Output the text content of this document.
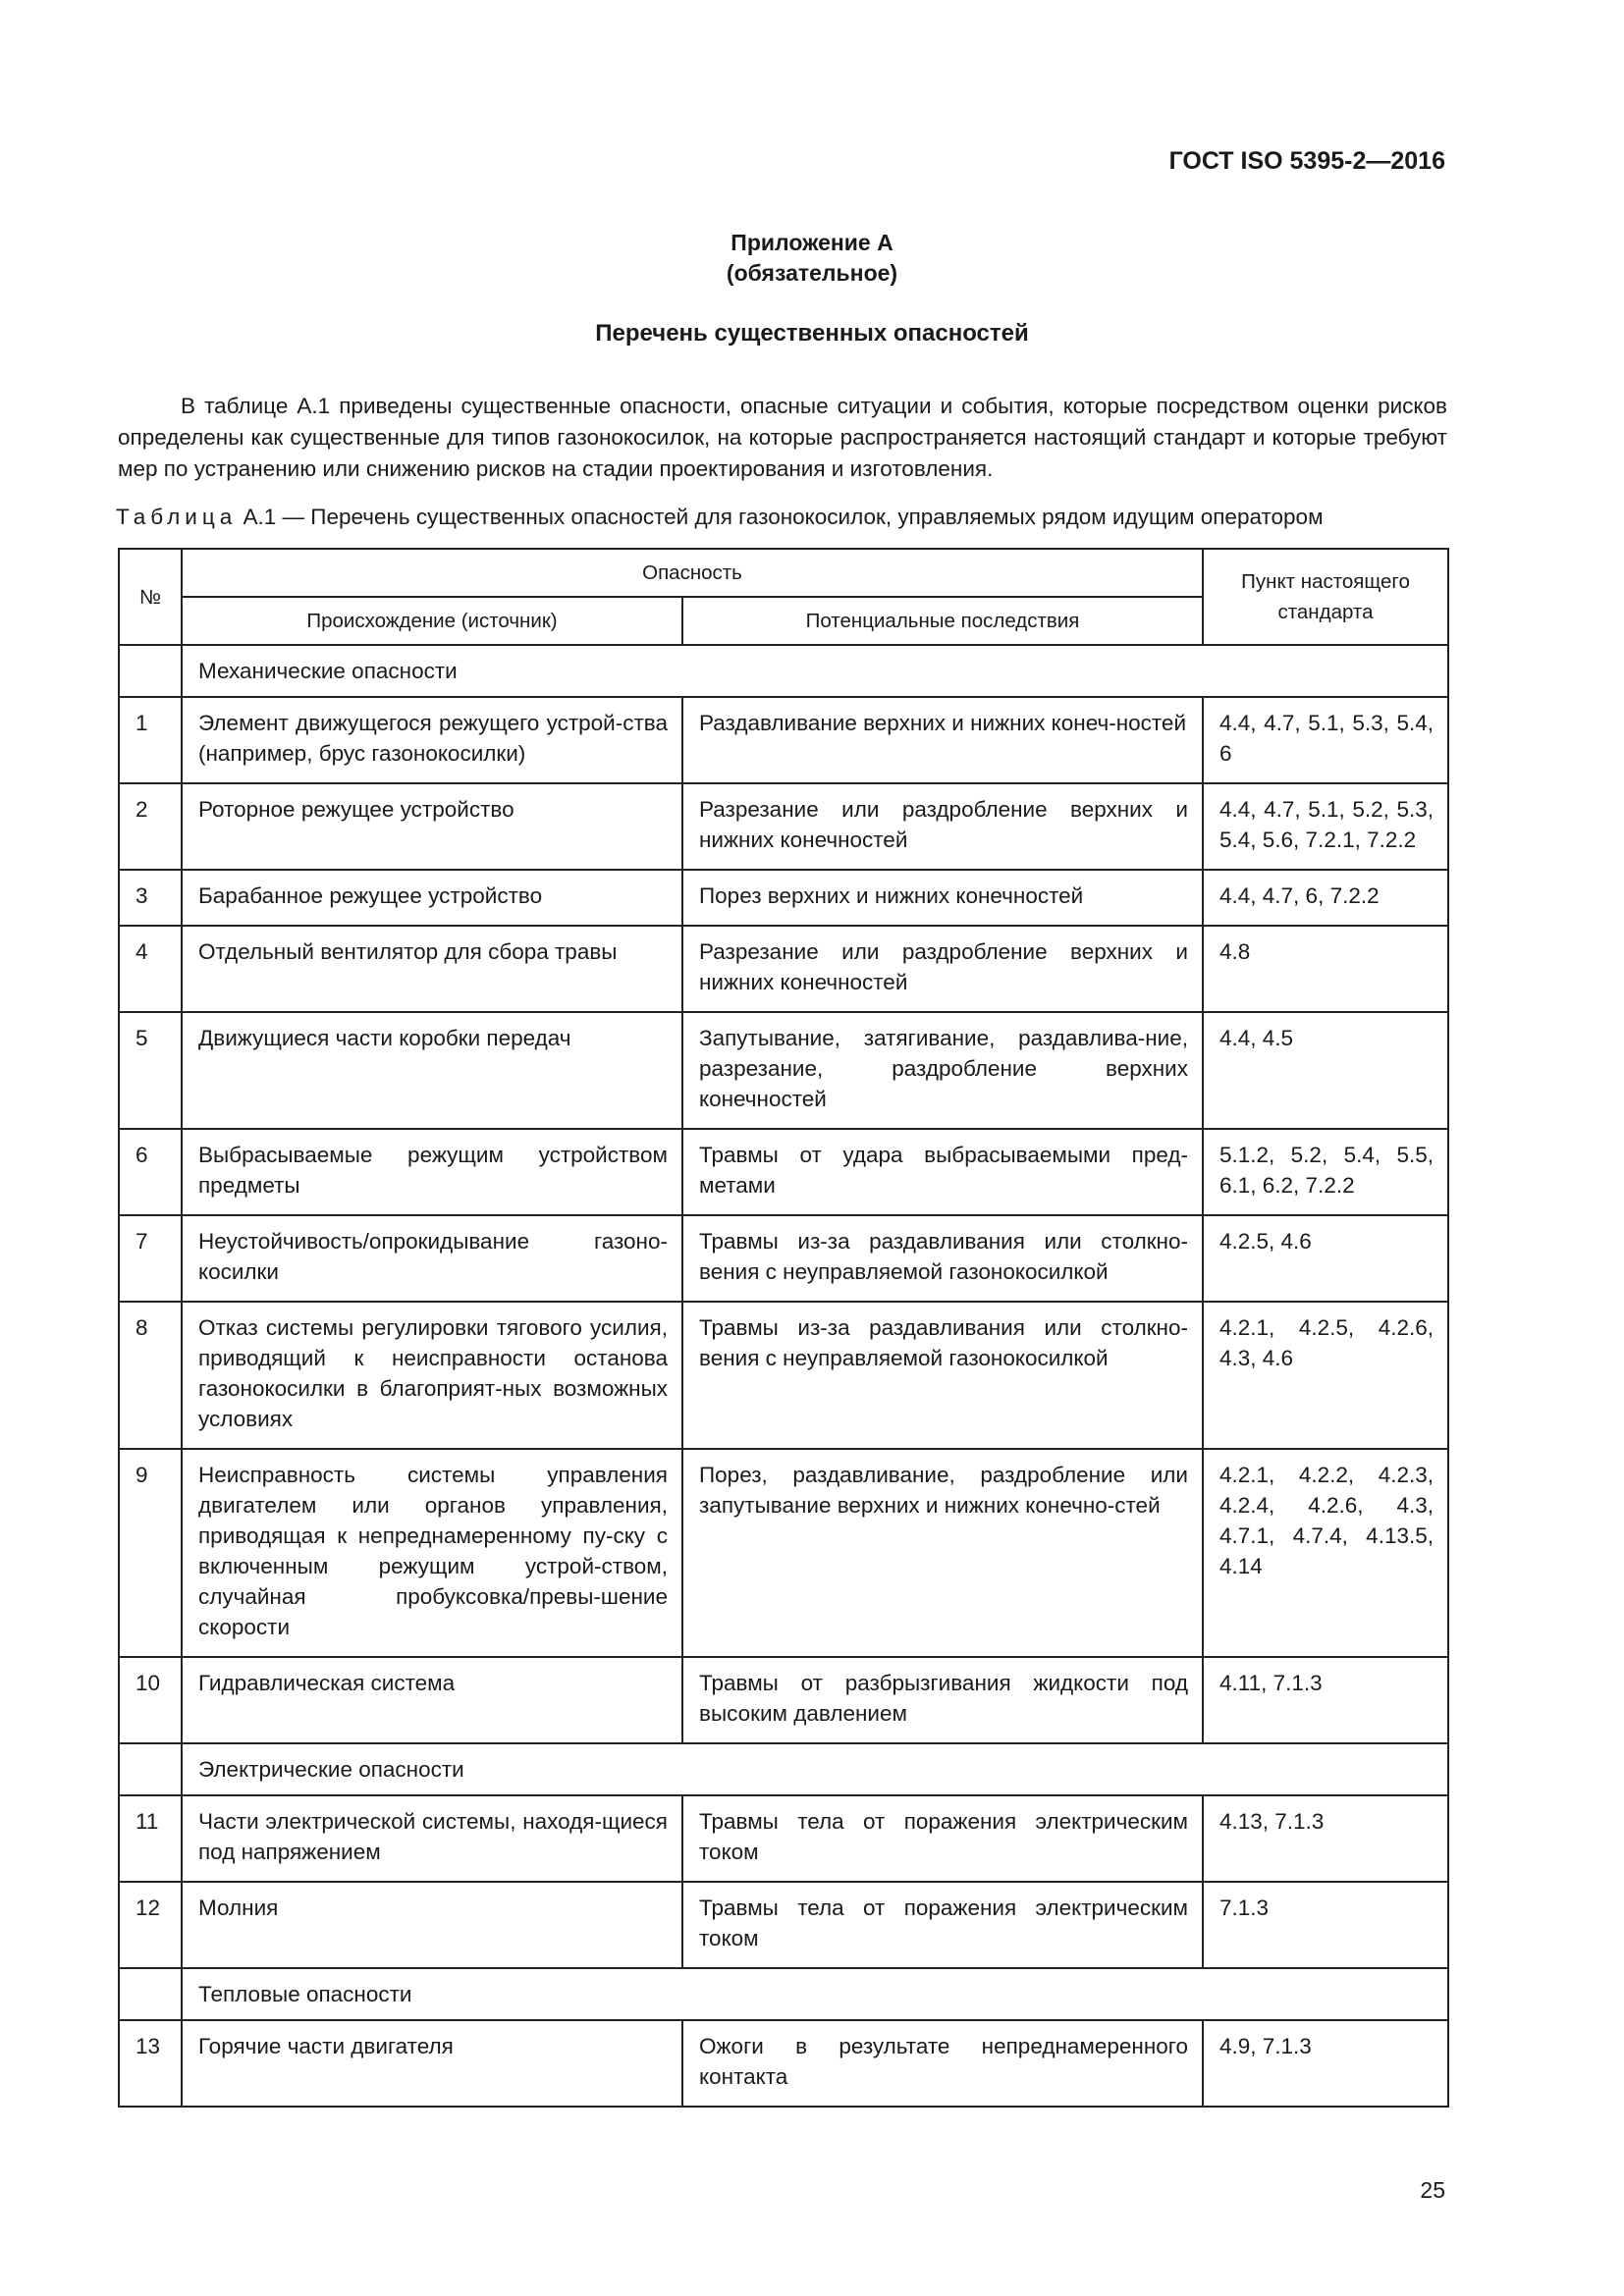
ГОСТ ISO 5395-2—2016
Приложение А
(обязательное)
Перечень существенных опасностей

В таблице А.1 приведены существенные опасности, опасные ситуации и события, которые посредством оценки рисков определены как существенные для типов газонокосилок, на которые распространяется настоящий стандарт и которые требуют мер по устранению или снижению рисков на стадии проектирования и изготовления.

Таблица А.1 — Перечень существенных опасностей для газонокосилок, управляемых рядом идущим оператором
№	Опасность		Пункт настоящего стандарта
	Происхождение (источник)	Потенциальные последствия	
	Механические опасности		
1	Элемент движущегося режущего устрой-ства (например, брус газонокосилки)	Раздавливание верхних и нижних конеч-ностей	4.4, 4.7, 5.1, 5.3, 5.4, 6
2	Роторное режущее устройство	Разрезание или раздробление верхних и нижних конечностей	4.4, 4.7, 5.1, 5.2, 5.3, 5.4, 5.6, 7.2.1, 7.2.2
3	Барабанное режущее устройство	Порез верхних и нижних конечностей	4.4, 4.7, 6, 7.2.2
4	Отдельный вентилятор для сбора травы	Разрезание или раздробление верхних и нижних конечностей	4.8
5	Движущиеся части коробки передач	Запутывание, затягивание, раздавлива-ние, разрезание, раздробление верхних конечностей	4.4, 4.5
6	Выбрасываемые режущим устройством предметы	Травмы от удара выбрасываемыми пред-метами	5.1.2, 5.2, 5.4, 5.5, 6.1, 6.2, 7.2.2
7	Неустойчивость/опрокидывание газоно-косилки	Травмы из-за раздавливания или столкно-вения с неуправляемой газонокосилкой	4.2.5, 4.6
8	Отказ системы регулировки тягового усилия, приводящий к неисправности останова газонокосилки в благоприят-ных возможных условиях	Травмы из-за раздавливания или столкно-вения с неуправляемой газонокосилкой	4.2.1, 4.2.5, 4.2.6, 4.3, 4.6
9	Неисправность системы управления двигателем или органов управления, приводящая к непреднамеренному пу-ску с включенным режущим устрой-ством, случайная пробуксовка/превы-шение скорости	Порез, раздавливание, раздробление или запутывание верхних и нижних конечно-стей	4.2.1, 4.2.2, 4.2.3, 4.2.4, 4.2.6, 4.3, 4.7.1, 4.7.4, 4.13.5, 4.14
10	Гидравлическая система	Травмы от разбрызгивания жидкости под высоким давлением	4.11, 7.1.3
	Электрические опасности		
11	Части электрической системы, находя-щиеся под напряжением	Травмы тела от поражения электрическим током	4.13, 7.1.3
12	Молния	Травмы тела от поражения электрическим током	7.1.3
	Тепловые опасности		
13	Горячие части двигателя	Ожоги в результате непреднамеренного контакта	4.9, 7.1.3
25
